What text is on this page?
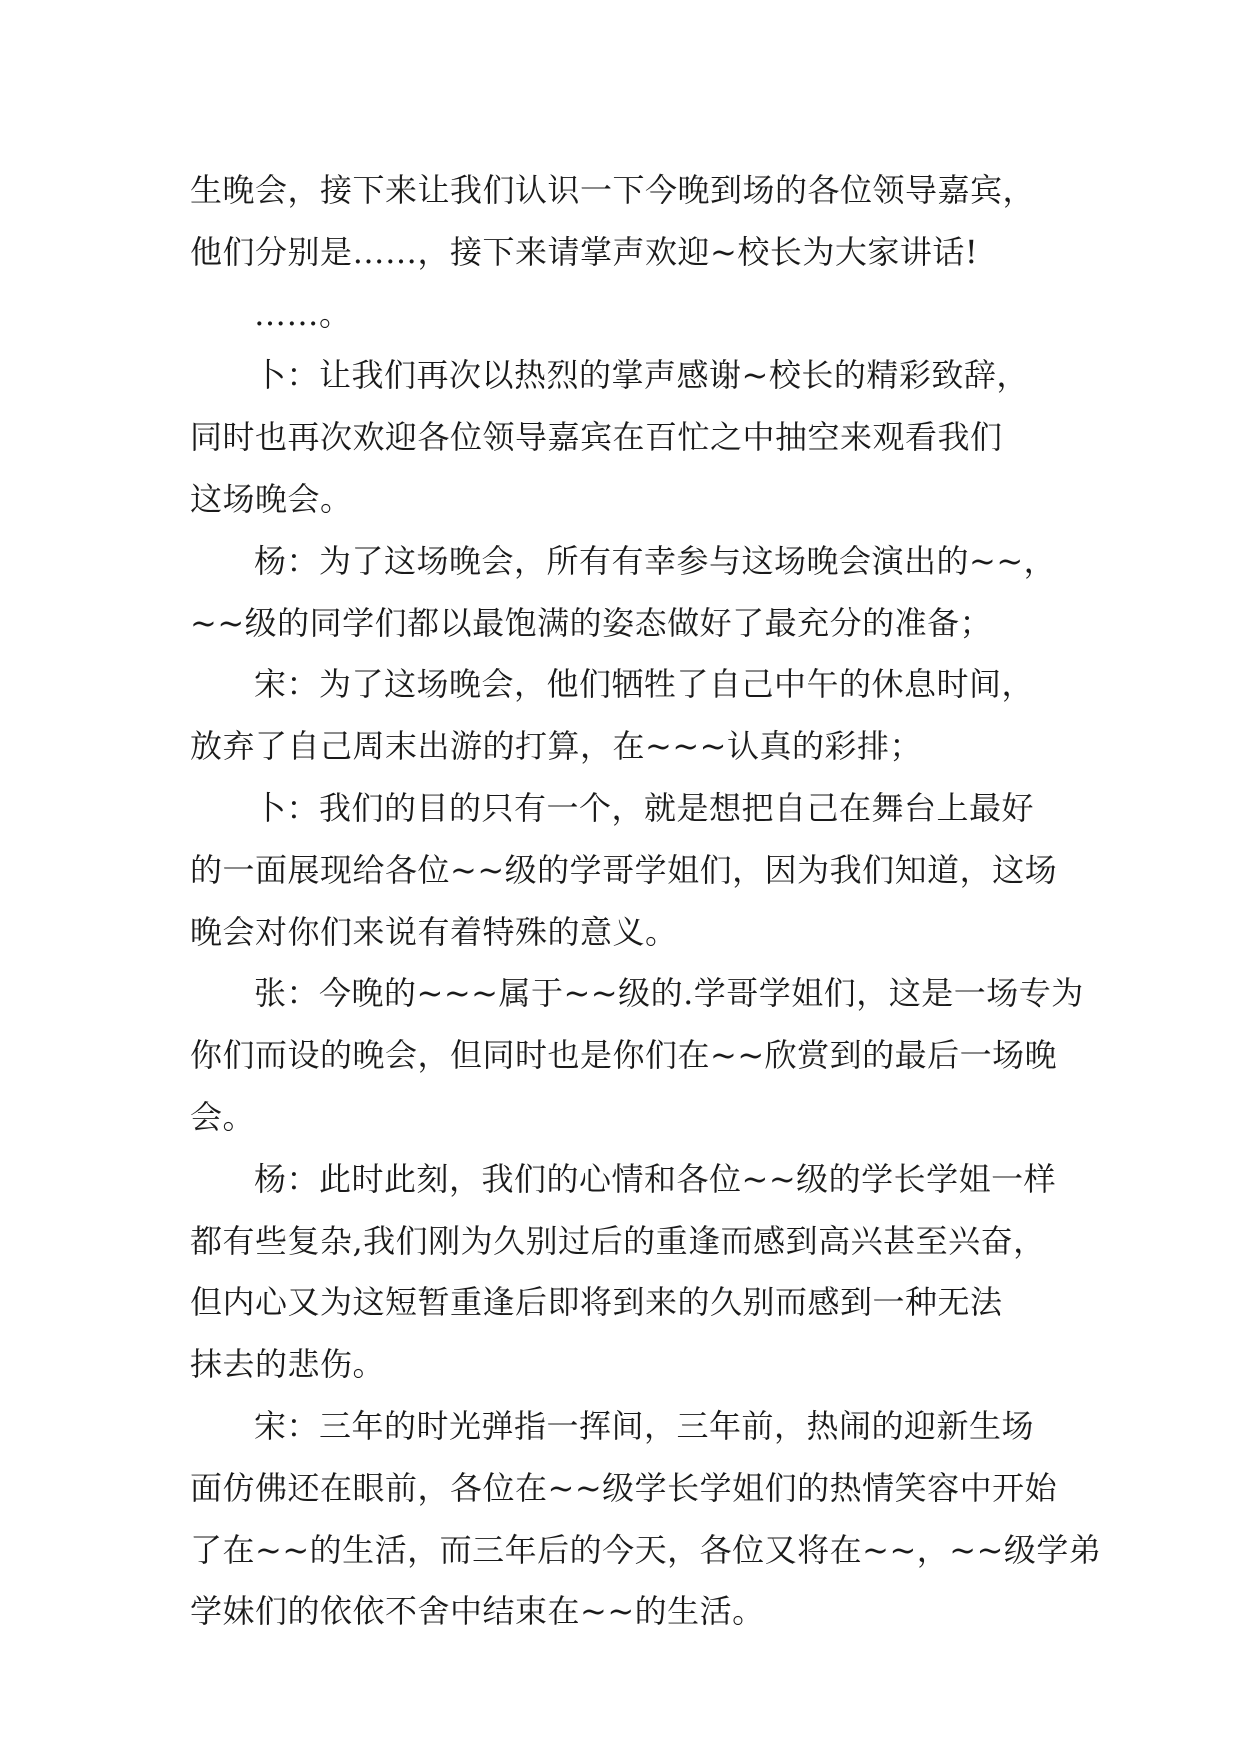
生晚会，接下来让我们认识一下今晚到场的各位领导嘉宾，
他们分别是……，接下来请掌声欢迎~校长为大家讲话!
……。
卜：让我们再次以热烈的掌声感谢~校长的精彩致辞，
同时也再次欢迎各位领导嘉宾在百忙之中抽空来观看我们
这场晚会。
杨：为了这场晚会，所有有幸参与这场晚会演出的~~，
~~级的同学们都以最饱满的姿态做好了最充分的准备；
宋：为了这场晚会，他们牺牲了自己中午的休息时间，
放弃了自己周末出游的打算，在~~~认真的彩排；
卜：我们的目的只有一个，就是想把自己在舞台上最好
的一面展现给各位~~级的学哥学姐们，因为我们知道，这场
晚会对你们来说有着特殊的意义。
张：今晚的~~~属于~~级的.学哥学姐们，这是一场专为
你们而设的晚会，但同时也是你们在~~欣赏到的最后一场晚
会。
杨：此时此刻，我们的心情和各位~~级的学长学姐一样
都有些复杂,我们刚为久别过后的重逢而感到高兴甚至兴奋，
但内心又为这短暂重逢后即将到来的久别而感到一种无法
抹去的悲伤。
宋：三年的时光弹指一挥间，三年前，热闹的迎新生场
面仿佛还在眼前，各位在~~级学长学姐们的热情笑容中开始
了在~~的生活，而三年后的今天，各位又将在~~，~~级学弟
学妹们的依依不舍中结束在~~的生活。
